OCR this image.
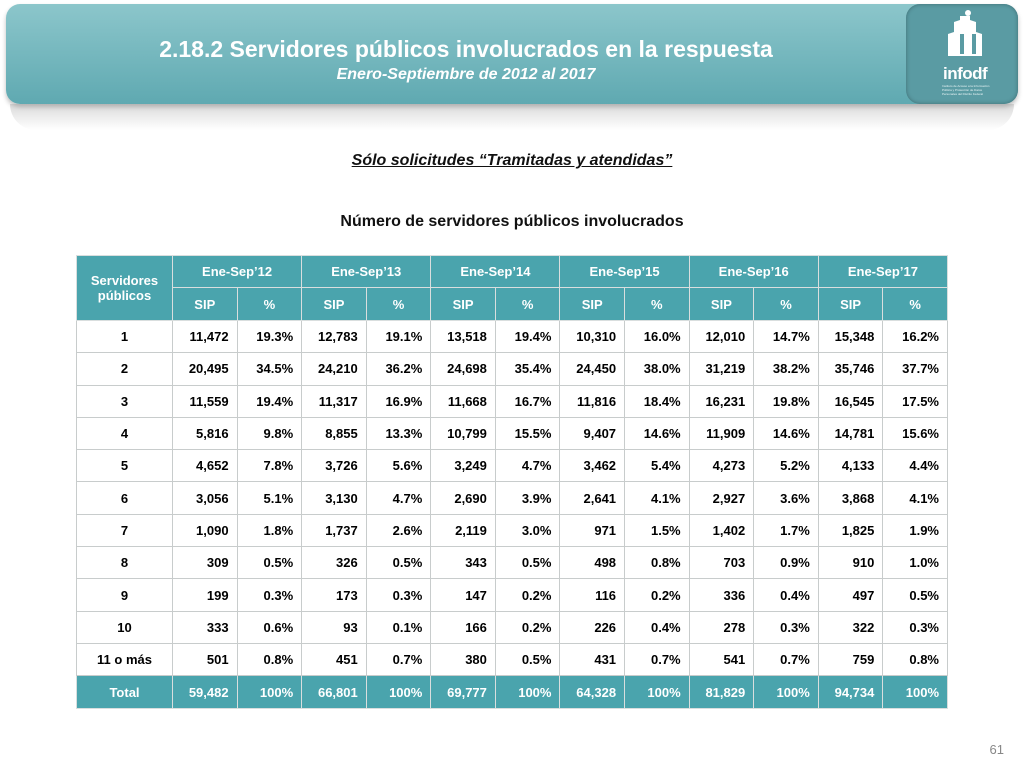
2.18.2 Servidores públicos involucrados en la respuesta
Enero-Septiembre de 2012 al 2017	infodf
Instituto de Acceso a la Información Pública y Protección de Datos Personales del Distrito Federal
Sólo solicitudes “Tramitadas y atendidas”
Número de servidores públicos involucrados
Servidores públicos	Ene-Sep’12		Ene-Sep’13		Ene-Sep’14		Ene-Sep’15		Ene-Sep’16		Ene-Sep’17	
	SIP	%	SIP	%	SIP	%	SIP	%	SIP	%	SIP	%
1	11,472	19.3%	12,783	19.1%	13,518	19.4%	10,310	16.0%	12,010	14.7%	15,348	16.2%
2	20,495	34.5%	24,210	36.2%	24,698	35.4%	24,450	38.0%	31,219	38.2%	35,746	37.7%
3	11,559	19.4%	11,317	16.9%	11,668	16.7%	11,816	18.4%	16,231	19.8%	16,545	17.5%
4	5,816	9.8%	8,855	13.3%	10,799	15.5%	9,407	14.6%	11,909	14.6%	14,781	15.6%
5	4,652	7.8%	3,726	5.6%	3,249	4.7%	3,462	5.4%	4,273	5.2%	4,133	4.4%
6	3,056	5.1%	3,130	4.7%	2,690	3.9%	2,641	4.1%	2,927	3.6%	3,868	4.1%
7	1,090	1.8%	1,737	2.6%	2,119	3.0%	971	1.5%	1,402	1.7%	1,825	1.9%
8	309	0.5%	326	0.5%	343	0.5%	498	0.8%	703	0.9%	910	1.0%
9	199	0.3%	173	0.3%	147	0.2%	116	0.2%	336	0.4%	497	0.5%
10	333	0.6%	93	0.1%	166	0.2%	226	0.4%	278	0.3%	322	0.3%
11 o más	501	0.8%	451	0.7%	380	0.5%	431	0.7%	541	0.7%	759	0.8%
Total	59,482	100%	66,801	100%	69,777	100%	64,328	100%	81,829	100%	94,734	100%
61
